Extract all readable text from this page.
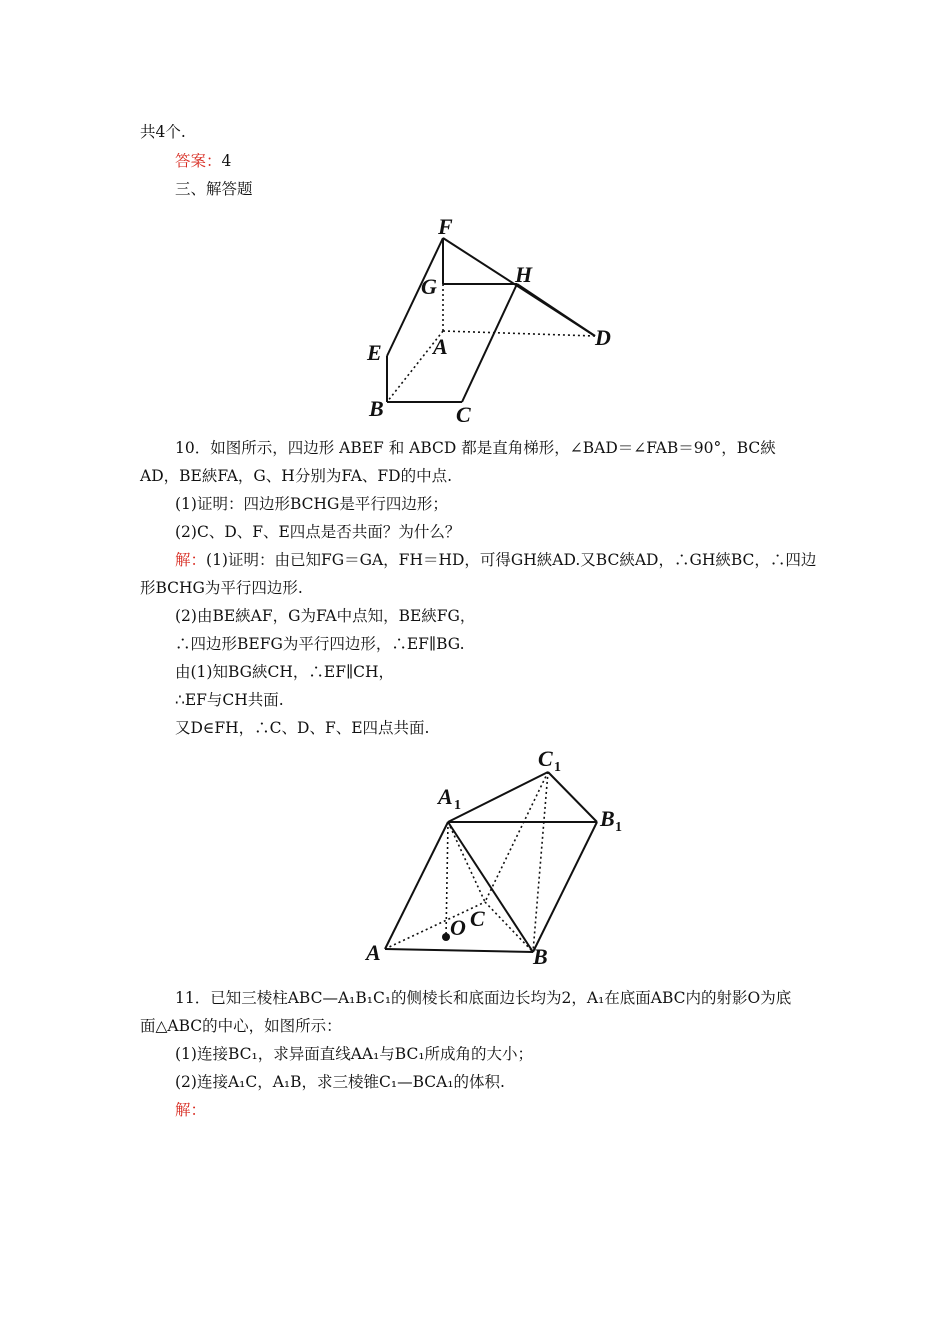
共4个.
答案：4
三、解答题
F
G	H
E A	D
B	C
10．如图所示，四边形 ABEF 和 ABCD 都是直角梯形，∠BAD＝∠FAB＝90°，BC綊
AD，BE綊FA，G、H分别为FA、FD的中点.
(1)证明：四边形BCHG是平行四边形；
(2)C、D、F、E四点是否共面？为什么？
解：(1)证明：由已知FG＝GA，FH＝HD，可得GH綊AD.又BC綊AD，∴GH綊BC，∴四边
形BCHG为平行四边形.
(2)由BE綊AF，G为FA中点知，BE綊FG，
∴四边形BEFG为平行四边形，∴EF∥BG.
由(1)知BG綊CH，∴EF∥CH，
∴EF与CH共面.
又D∈FH，∴C、D、F、E四点共面.
C 1
A 1
B 1
O C
A	B
11．已知三棱柱ABC—A₁B₁C₁的侧棱长和底面边长均为2，A₁在底面ABC内的射影O为底
面△ABC的中心，如图所示：
(1)连接BC₁，求异面直线AA₁与BC₁所成角的大小；
(2)连接A₁C，A₁B，求三棱锥C₁—BCA₁的体积.
解：
